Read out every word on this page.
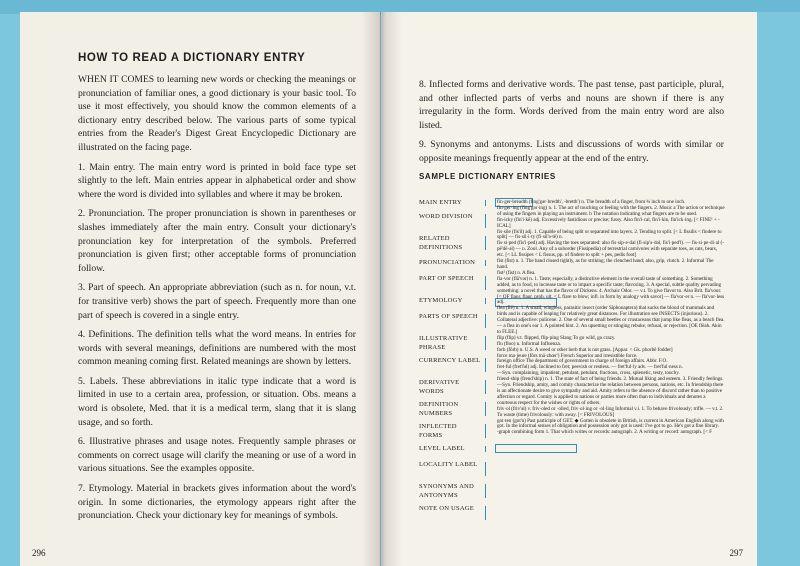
HOW TO READ A DICTIONARY ENTRY

WHEN IT COMES to learning new words or checking the meanings or pronunciation of familiar ones, a good dictionary is your basic tool. To use it most effectively, you should know the common elements of a dictionary entry described below. The various parts of some typical entries from the Reader's Digest Great Encyclopedic Dictionary are illustrated on the facing page.

1. Main entry. The main entry word is printed in bold face type set slightly to the left. Main entries appear in alphabetical order and show where the word is divided into syllables and where it may be broken.

2. Pronunciation. The proper pronunciation is shown in parentheses or slashes immediately after the main entry. Consult your dictionary's pronunciation key for interpretation of the symbols. Preferred pronunciation is given first; other acceptable forms of pronunciation follow.

3. Part of speech. An appropriate abbreviation (such as n. for noun, v.t. for transitive verb) shows the part of speech. Frequently more than one part of speech is covered in a single entry.

4. Definitions. The definition tells what the word means. In entries for words with several meanings, definitions are numbered with the most common meaning coming first. Related meanings are shown by letters.

5. Labels. These abbreviations in italic type indicate that a word is limited in use to a certain area, profession, or situation. Obs. means a word is obsolete, Med. that it is a medical term, slang that it is slang usage, and so forth.

6. Illustrative phrases and usage notes. Frequently sample phrases or comments on correct usage will clarify the meaning or use of a word in various situations. See the examples opposite.

7. Etymology. Material in brackets gives information about the word's origin. In some dictionaries, the etymology appears right after the pronunciation. Check your dictionary key for meanings of symbols.

296

8. Inflected forms and derivative words. The past tense, past participle, plural, and other inflected parts of verbs and nouns are shown if there is any irregularity in the form. Words derived from the main entry word are also listed.

9. Synonyms and antonyms. Lists and discussions of words with similar or opposite meanings frequently appear at the end of the entry.

SAMPLE DICTIONARY ENTRIES
MAIN ENTRY
WORD DIVISION
RELATED DEFINITIONS
PRONUNCIATION
PART OF SPEECH
ETYMOLOGY
PARTS OF SPEECH
ILLUSTRATIVE PHRASE
CURRENCY LABEL
DERIVATIVE WORDS
DEFINITION NUMBERS
INFLECTED FORMS
LEVEL LABEL
LOCALITY LABEL
SYNONYMS AND ANTONYMS
NOTE ON USAGE
fin·ger-breadth (fing'gər·bredth', -bretth') n. The breadth of a finger, from ¾ inch to one inch.
fin·ger·ing (fing'gər·ing) n. 1. The act of touching or feeling with the fingers. 2. Music a The action or technique of using the fingers in playing an instrument. b The notation indicating what fingers are to be used.
fin·icky (fin'i·kē) adj. Excessively fastidious or precise; fussy. Also fin'i·cal, fin'i·kin, fin'ick·ing. [< FINE¹ + -ICAL]
fis·sile (fis'il) adj. 1. Capable of being split or separated into layers. 2. Tending to split. [< L fissilis < findere to split] — fis·sil·i·ty (fi·sil'ə·tē) n.
fis·si·ped (fis'i·ped) adj. Having the toes separated: also fis·sip·e·dal (fi·sip'ə·dəl, fis'i·ped'l). — fis·si·pe·di·al (-pē'dē·əl) — n. Zool. Any of a suborder (Fissipedia) of terrestrial carnivores with separate toes, as cats, bears, etc. [< LL fissipes < L fissus, pp. of findere to split + pes, pedis foot]
fist (fist) n. 1. The hand closed tightly, as for striking; the clenched hand; also, grip, clutch. 2. Informal The hand.
fist² (fist) n. A flea.
fla·vor (flā'vər) n. 1. Taste; especially, a distinctive element in the overall taste of something. 2. Something added, as to food, to increase taste or to impart a specific taste; flavoring. 3. A special, subtle quality pervading something: a novel that has the flavor of Dickens. 4. Archaic Odor. — v.t. To give flavor to. Also Brit. fla'vour. [< OF flaor, flaur, prob. ult. < L flare to blow; infl. in form by analogy with savor] — fla'vor·er n. — fla'vor·less adj.
flea (flē) n. 1. A small, wingless, parasitic insect (order Siphonaptera) that sucks the blood of mammals and birds and is capable of leaping for relatively great distances. For illustration see INSECTS (injurious). 2. Collateral adjective: pulicene. 2. One of several small beetles or crustaceans that jump like fleas, as a beach flea. — a flea in one's ear 1. A pointed hint. 2. An upsetting or stinging rebuke, refusal, or rejection. [OE flēah. Akin to FLEE.]
flip (flip) v.t. flipped, flip·ping Slang To go wild, go crazy.
flu (floo) n. Informal Influenza.
forb (fôrb) n. U.S. A weed or other herb that is not grass. [Appar. < Gk. phorbē fodder]
force ma·jeure (fôrs mä·zhœr') French Superior and irresistible force.
foreign office The department of government in charge of foreign affairs. Abbr. F.O.
fret·ful (fret'fəl) adj. Inclined to fret; peevish or restless. — fret'ful·ly adv. — fret'ful·ness n.
—Syn. complaining, impatient, petulant, petulant, fractious, cross, splenetic, testy, touchy.
friend·ship (frend'ship) n. 1. The state of fact of being friends. 2. Mutual liking and esteem. 3. Friendly feelings.
—Syn. Friendship, amity, and comity characterize the relation between persons, nations, etc. In friendship there is an affectionate desire to give sympathy and aid. Amity refers to the absence of discord rather than to positive affection or regard. Comity is applied to nations or parties more often than to individuals and denotes a courteous respect for the wishes or rights of others.
friv·ol (friv'əl) v. friv·oled or ·olled, friv·ol·ing or ·ol·ling Informal v.i. 1. To behave frivolously; trifle. — v.t. 2. To waste (time) frivolously: with away. [< FRIVOLOUS]
got·ten (got'n) Past participle of GET. ◆ Gotten is obsolete in British, is current in American English along with got. In the informal senses of obligation and possession only got is used: I've got to go. He's got a fine library.
-graph combining form 1. That which writes or records: autograph. 2. A writing or record: autograph. [< F
297
